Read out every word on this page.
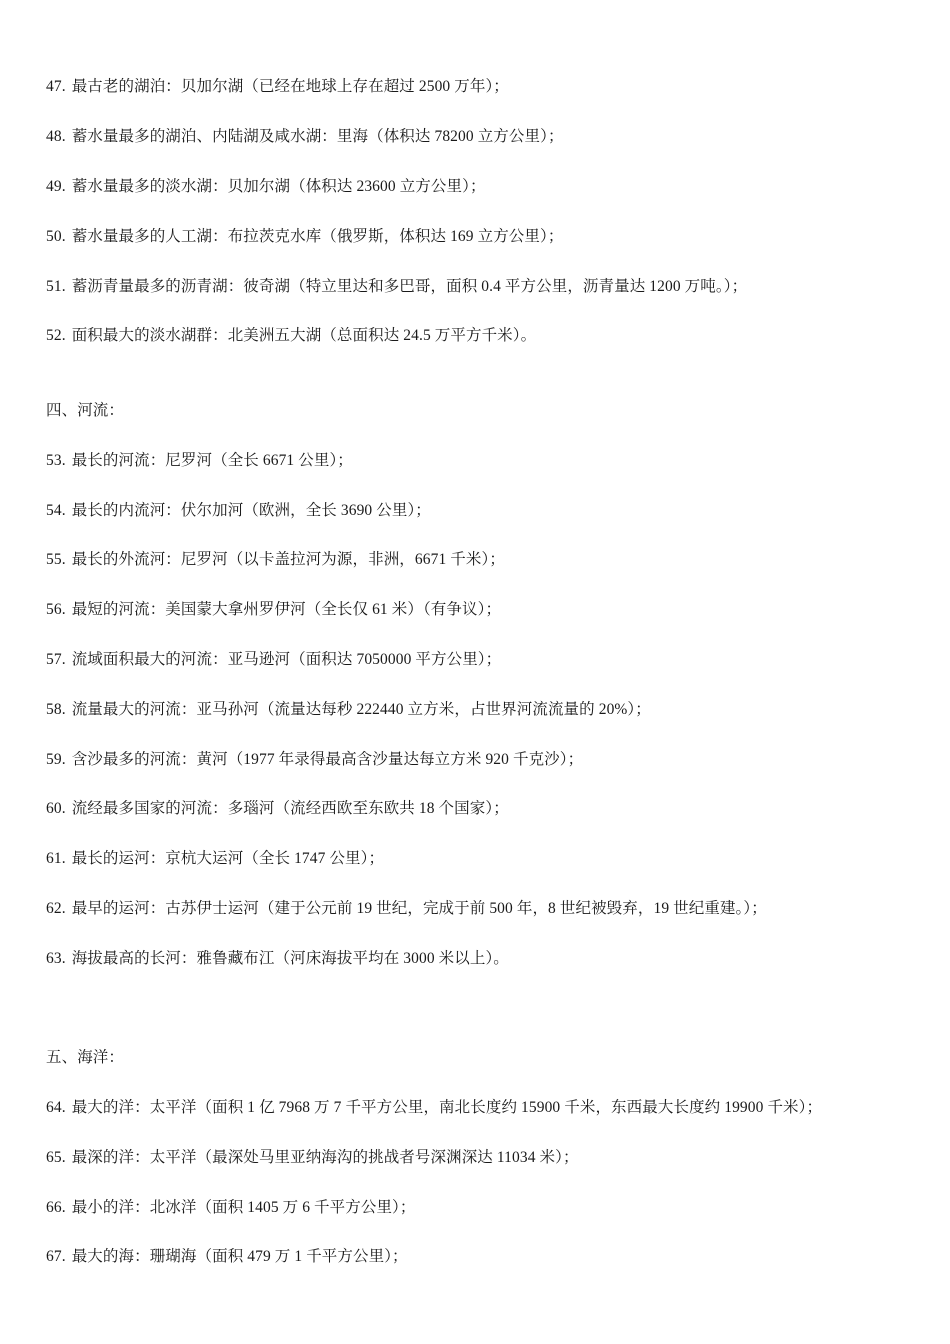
47. 最古老的湖泊：贝加尔湖（已经在地球上存在超过 2500 万年）；
48. 蓄水量最多的湖泊、内陆湖及咸水湖：里海（体积达 78200 立方公里）；
49. 蓄水量最多的淡水湖：贝加尔湖（体积达 23600 立方公里）；
50. 蓄水量最多的人工湖：布拉茨克水库（俄罗斯，体积达 169 立方公里）；
51. 蓄沥青量最多的沥青湖：彼奇湖（特立里达和多巴哥，面积 0.4 平方公里，沥青量达 1200 万吨。）；
52. 面积最大的淡水湖群：北美洲五大湖（总面积达 24.5 万平方千米）。
四、河流：
53. 最长的河流：尼罗河（全长 6671 公里）；
54. 最长的内流河：伏尔加河（欧洲，全长 3690 公里）；
55. 最长的外流河：尼罗河（以卡盖拉河为源，非洲，6671 千米）；
56. 最短的河流：美国蒙大拿州罗伊河（全长仅 61 米）（有争议）；
57. 流域面积最大的河流：亚马逊河（面积达 7050000 平方公里）；
58. 流量最大的河流：亚马孙河（流量达每秒 222440 立方米，占世界河流流量的 20%）；
59. 含沙最多的河流：黄河（1977 年录得最高含沙量达每立方米 920 千克沙）；
60. 流经最多国家的河流：多瑙河（流经西欧至东欧共 18 个国家）；
61. 最长的运河：京杭大运河（全长 1747 公里）；
62. 最早的运河：古苏伊士运河（建于公元前 19 世纪，完成于前 500 年，8 世纪被毁弃，19 世纪重建。）；
63. 海拔最高的长河：雅鲁藏布江（河床海拔平均在 3000 米以上）。
五、海洋：
64. 最大的洋：太平洋（面积 1 亿 7968 万 7 千平方公里，南北长度约 15900 千米，东西最大长度约 19900 千米）；
65. 最深的洋：太平洋（最深处马里亚纳海沟的挑战者号深渊深达 11034 米）；
66. 最小的洋：北冰洋（面积 1405 万 6 千平方公里）；
67. 最大的海：珊瑚海（面积 479 万 1 千平方公里）；
